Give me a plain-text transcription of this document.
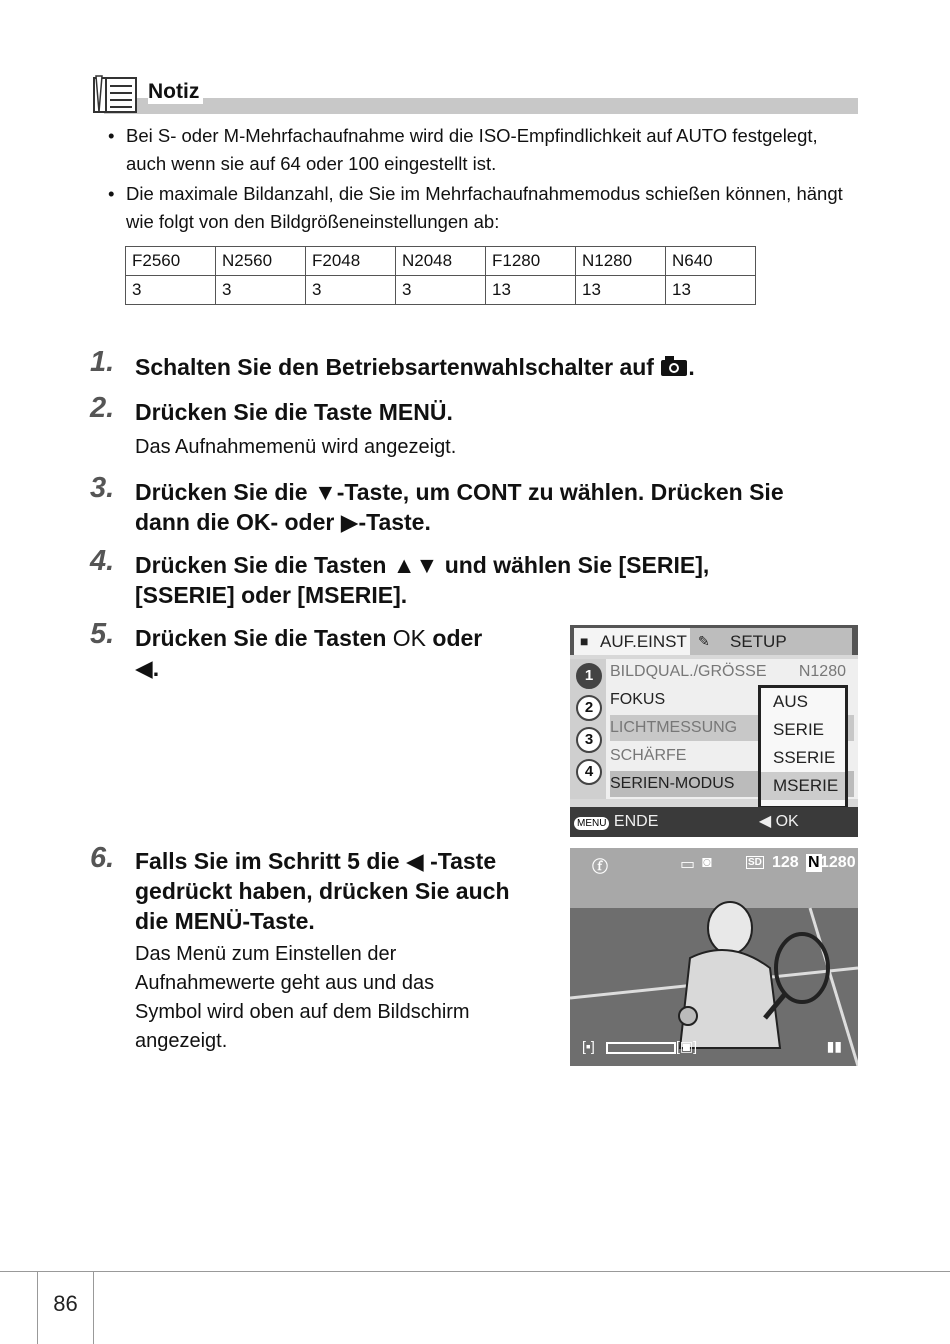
Notiz
• Bei S- oder M-Mehrfachaufnahme wird die ISO-Empfindlichkeit auf AUTO festgelegt, auch wenn sie auf 64 oder 100 eingestellt ist.
• Die maximale Bildanzahl, die Sie im Mehrfachaufnahmemodus schießen können, hängt wie folgt von den Bildgrößeneinstellungen ab:
F2560	N2560	F2048	N2048	F1280	N1280	N640
3	3	3	3	13	13	13
1. Schalten Sie den Betriebsartenwahlschalter auf .
2. Drücken Sie die Taste MENÜ.
Das Aufnahmemenü wird angezeigt.
3. Drücken Sie die ▼-Taste, um CONT zu wählen. Drücken Sie
dann die OK- oder ▶-Taste.
4. Drücken Sie die Tasten ▲▼ und wählen Sie [SERIE],
[SSERIE] oder [MSERIE].
5. Drücken Sie die Tasten OK oder
◀.
■ AUF.EINST ✎ SETUP
1
2
3
4
BILDQUAL./GRÖSSE N1280
FOKUS
LICHTMESSUNG
SCHÄRFE
SERIEN-MODUS
AUS
SERIE
SSERIE
MSERIE
MENU ENDE	◀ OK
6. Falls Sie im Schritt 5 die ◀ -Taste
gedrückt haben, drücken Sie auch
die MENÜ-Taste.
Das Menü zum Einstellen der
Aufnahmewerte geht aus und das
Symbol wird oben auf dem Bildschirm
angezeigt.
ⓕ	▭ ◙	SD 128 N 1280
[▪]	[▣]	▮▮
86
